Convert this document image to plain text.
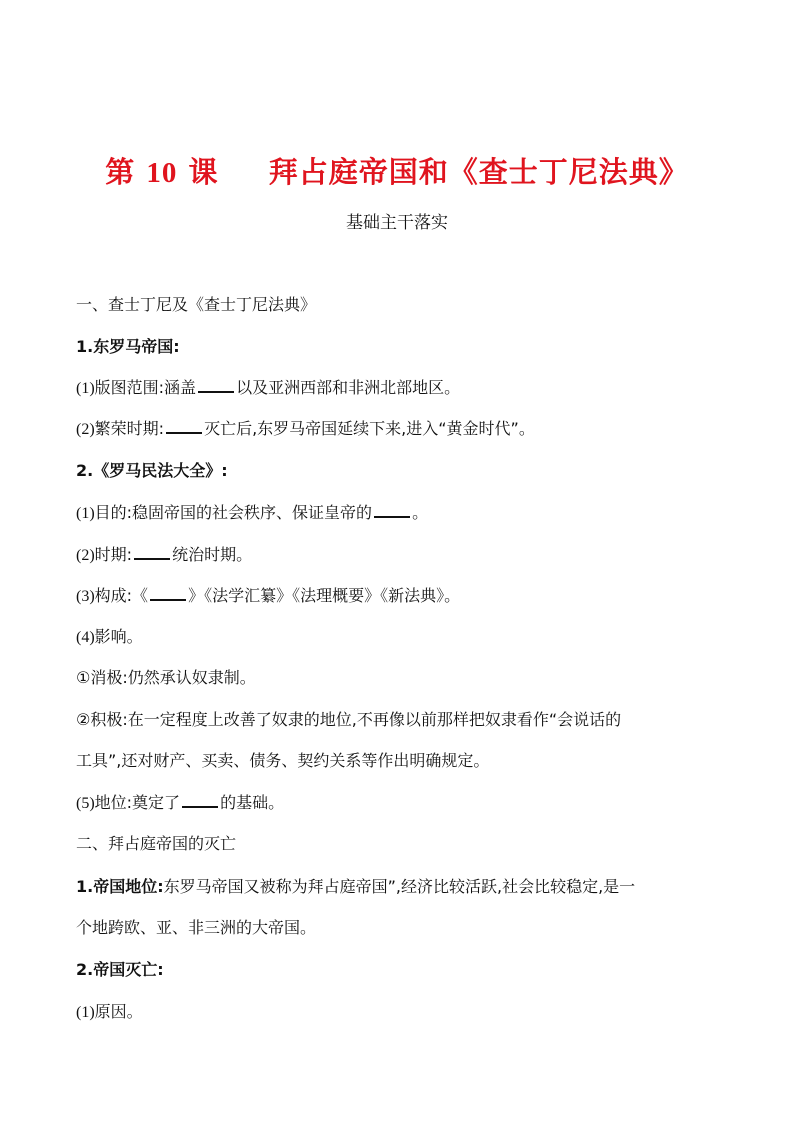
第 10 课 拜占庭帝国和《查士丁尼法典》
基础主干落实
一、查士丁尼及《查士丁尼法典》
1.东罗马帝国:
(1)版图范围:涵盖	以及亚洲西部和非洲北部地区。
(2)繁荣时期:	灭亡后,东罗马帝国延续下来,进入“黄金时代”。
2.《罗马民法大全》:
(1)目的:稳固帝国的社会秩序、保证皇帝的	。
(2)时期:	统治时期。
(3)构成:《	》《法学汇纂》《法理概要》《新法典》。
(4)影响。
①消极:仍然承认奴隶制。
②积极:在一定程度上改善了奴隶的地位,不再像以前那样把奴隶看作“会说话的
工具”,还对财产、买卖、债务、契约关系等作出明确规定。
(5)地位:奠定了	的基础。
二、拜占庭帝国的灭亡
1.帝国地位:东罗马帝国又被称为拜占庭帝国”,经济比较活跃,社会比较稳定,是一
个地跨欧、亚、非三洲的大帝国。
2.帝国灭亡:
(1)原因。
